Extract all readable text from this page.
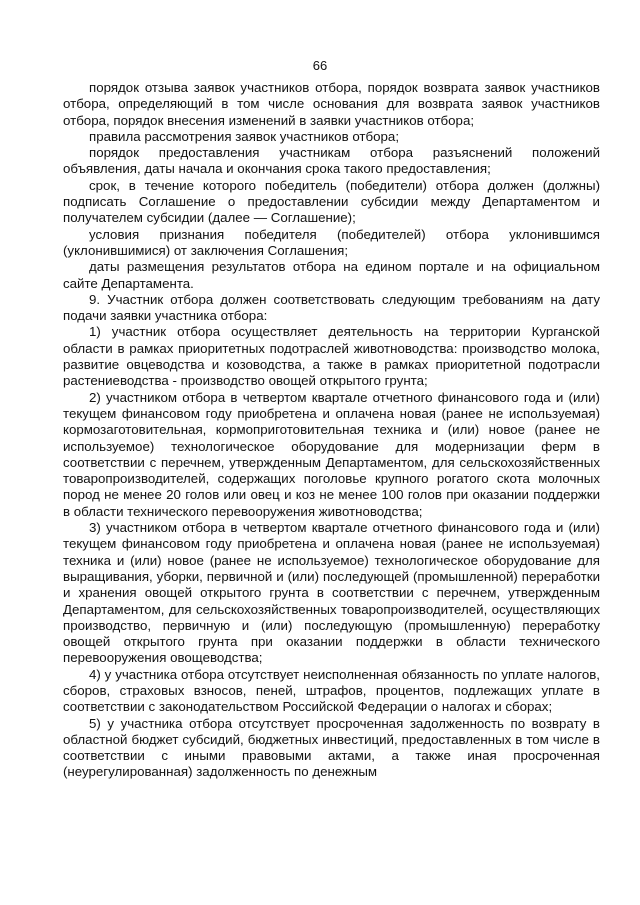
66

порядок отзыва заявок участников отбора, порядок возврата заявок участников отбора, определяющий в том числе основания для возврата заявок участников отбора, порядок внесения изменений в заявки участников отбора;

правила рассмотрения заявок участников отбора;

порядок предоставления участникам отбора разъяснений положений объявления, даты начала и окончания срока такого предоставления;

срок, в течение которого победитель (победители) отбора должен (должны) подписать Соглашение о предоставлении субсидии между Департаментом и получателем субсидии (далее — Соглашение);

условия признания победителя (победителей) отбора уклонившимся (уклонившимися) от заключения Соглашения;

даты размещения результатов отбора на едином портале и на официальном сайте Департамента.

9. Участник отбора должен соответствовать следующим требованиям на дату подачи заявки участника отбора:

1) участник отбора осуществляет деятельность на территории Курганской области в рамках приоритетных подотраслей животноводства: производство молока, развитие овцеводства и козоводства, а также в рамках приоритетной подотрасли растениеводства - производство овощей открытого грунта;

2) участником отбора в четвертом квартале отчетного финансового года и (или) текущем финансовом году приобретена и оплачена новая (ранее не используемая) кормозаготовительная, кормоприготовительная техника и (или) новое (ранее не используемое) технологическое оборудование для модернизации ферм в соответствии с перечнем, утвержденным Департаментом, для сельскохозяйственных товаропроизводителей, содержащих поголовье крупного рогатого скота молочных пород не менее 20 голов или овец и коз не менее 100 голов при оказании поддержки в области технического перевооружения животноводства;

3) участником отбора в четвертом квартале отчетного финансового года и (или) текущем финансовом году приобретена и оплачена новая (ранее не используемая) техника и (или) новое (ранее не используемое) технологическое оборудование для выращивания, уборки, первичной и (или) последующей (промышленной) переработки и хранения овощей открытого грунта в соответствии с перечнем, утвержденным Департаментом, для сельскохозяйственных товаропроизводителей, осуществляющих производство, первичную и (или) последующую (промышленную) переработку овощей открытого грунта при оказании поддержки в области технического перевооружения овощеводства;

4) у участника отбора отсутствует неисполненная обязанность по уплате налогов, сборов, страховых взносов, пеней, штрафов, процентов, подлежащих уплате в соответствии с законодательством Российской Федерации о налогах и сборах;

5) у участника отбора отсутствует просроченная задолженность по возврату в областной бюджет субсидий, бюджетных инвестиций, предоставленных в том числе в соответствии с иными правовыми актами, а также иная просроченная (неурегулированная) задолженность по денежным
